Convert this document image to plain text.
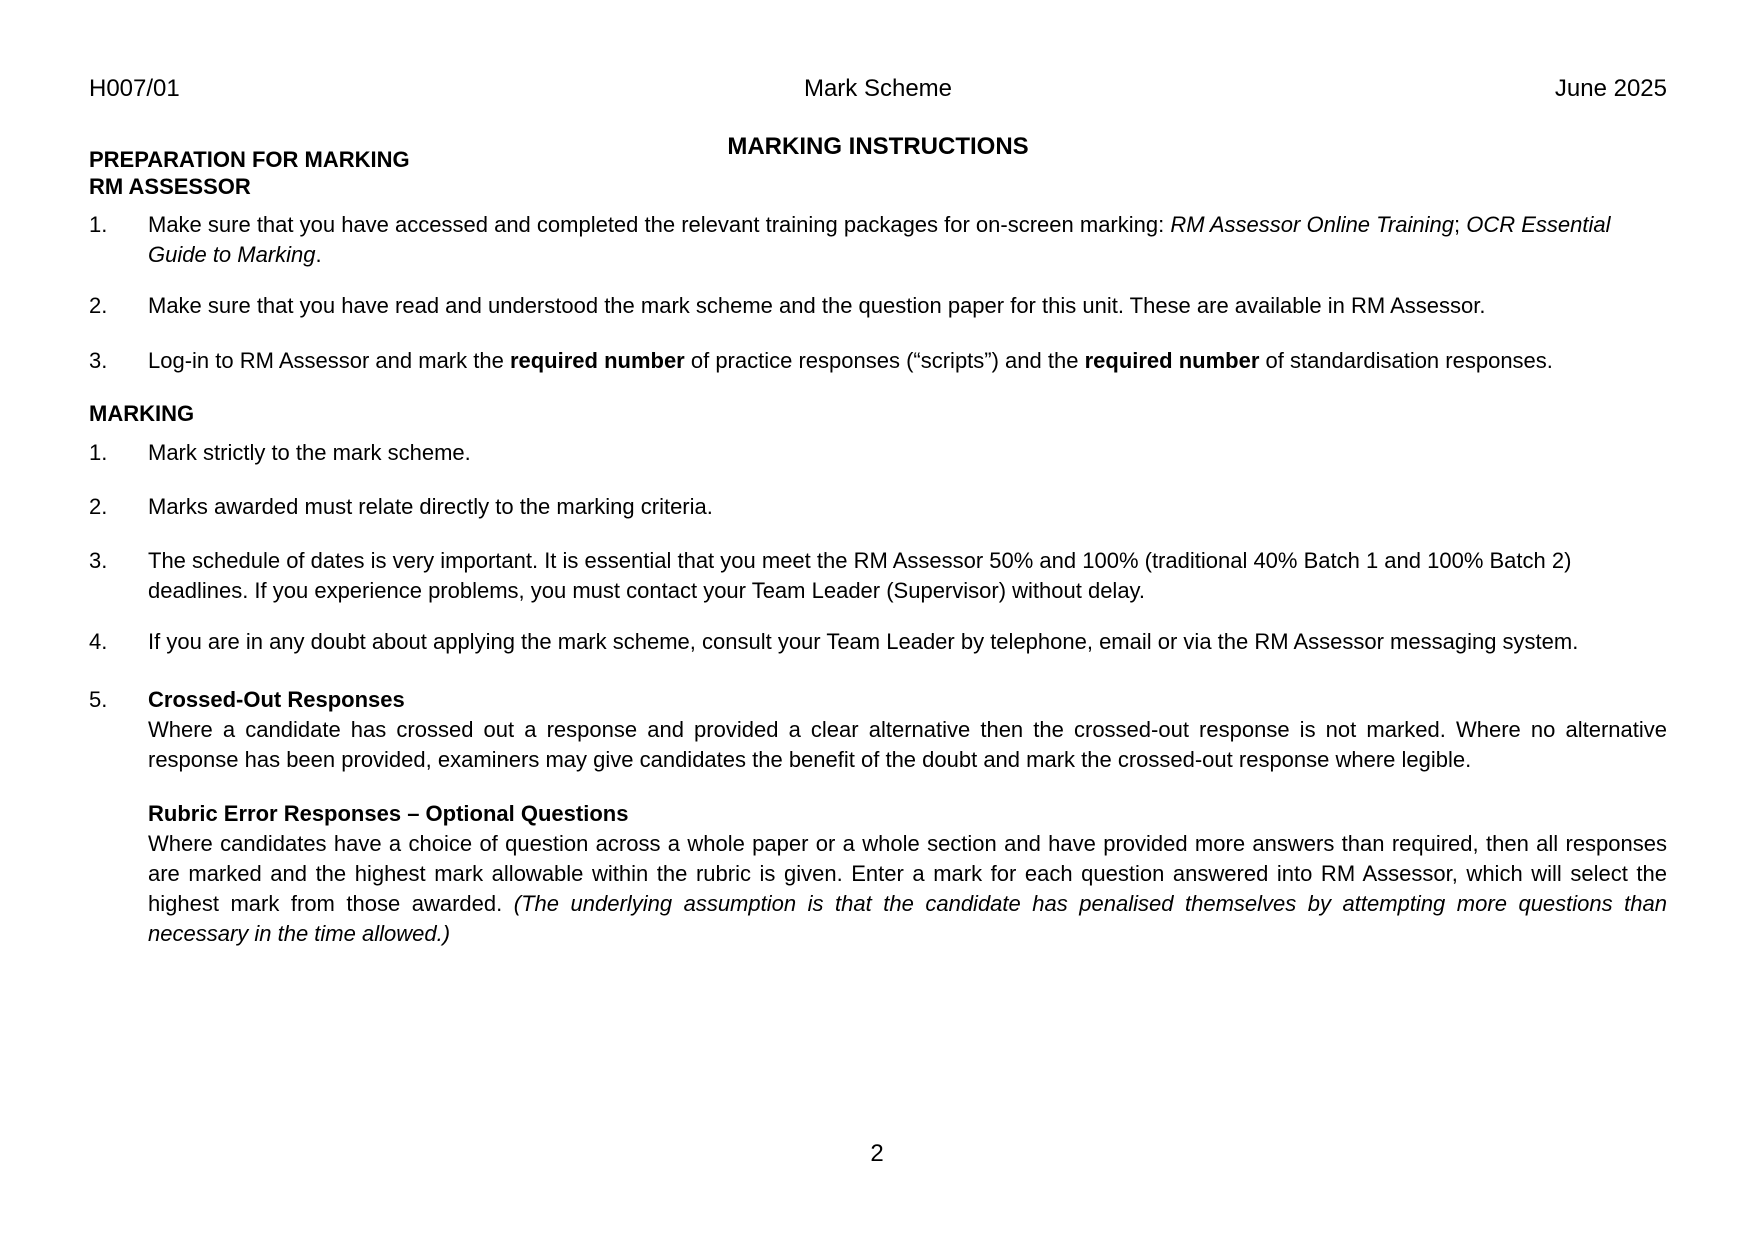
H007/01	Mark Scheme	June 2025
MARKING INSTRUCTIONS
PREPARATION FOR MARKING
RM ASSESSOR
1.	Make sure that you have accessed and completed the relevant training packages for on-screen marking: RM Assessor Online Training; OCR Essential Guide to Marking.
2.	Make sure that you have read and understood the mark scheme and the question paper for this unit. These are available in RM Assessor.
3.	Log-in to RM Assessor and mark the required number of practice responses (“scripts”) and the required number of standardisation responses.
MARKING
1.	Mark strictly to the mark scheme.
2.	Marks awarded must relate directly to the marking criteria.
3.	The schedule of dates is very important. It is essential that you meet the RM Assessor 50% and 100% (traditional 40% Batch 1 and 100% Batch 2) deadlines. If you experience problems, you must contact your Team Leader (Supervisor) without delay.
4.	If you are in any doubt about applying the mark scheme, consult your Team Leader by telephone, email or via the RM Assessor messaging system.
5.	Crossed-Out Responses
Where a candidate has crossed out a response and provided a clear alternative then the crossed-out response is not marked. Where no alternative response has been provided, examiners may give candidates the benefit of the doubt and mark the crossed-out response where legible.
Rubric Error Responses – Optional Questions
Where candidates have a choice of question across a whole paper or a whole section and have provided more answers than required, then all responses are marked and the highest mark allowable within the rubric is given. Enter a mark for each question answered into RM Assessor, which will select the highest mark from those awarded. (The underlying assumption is that the candidate has penalised themselves by attempting more questions than necessary in the time allowed.)
2
